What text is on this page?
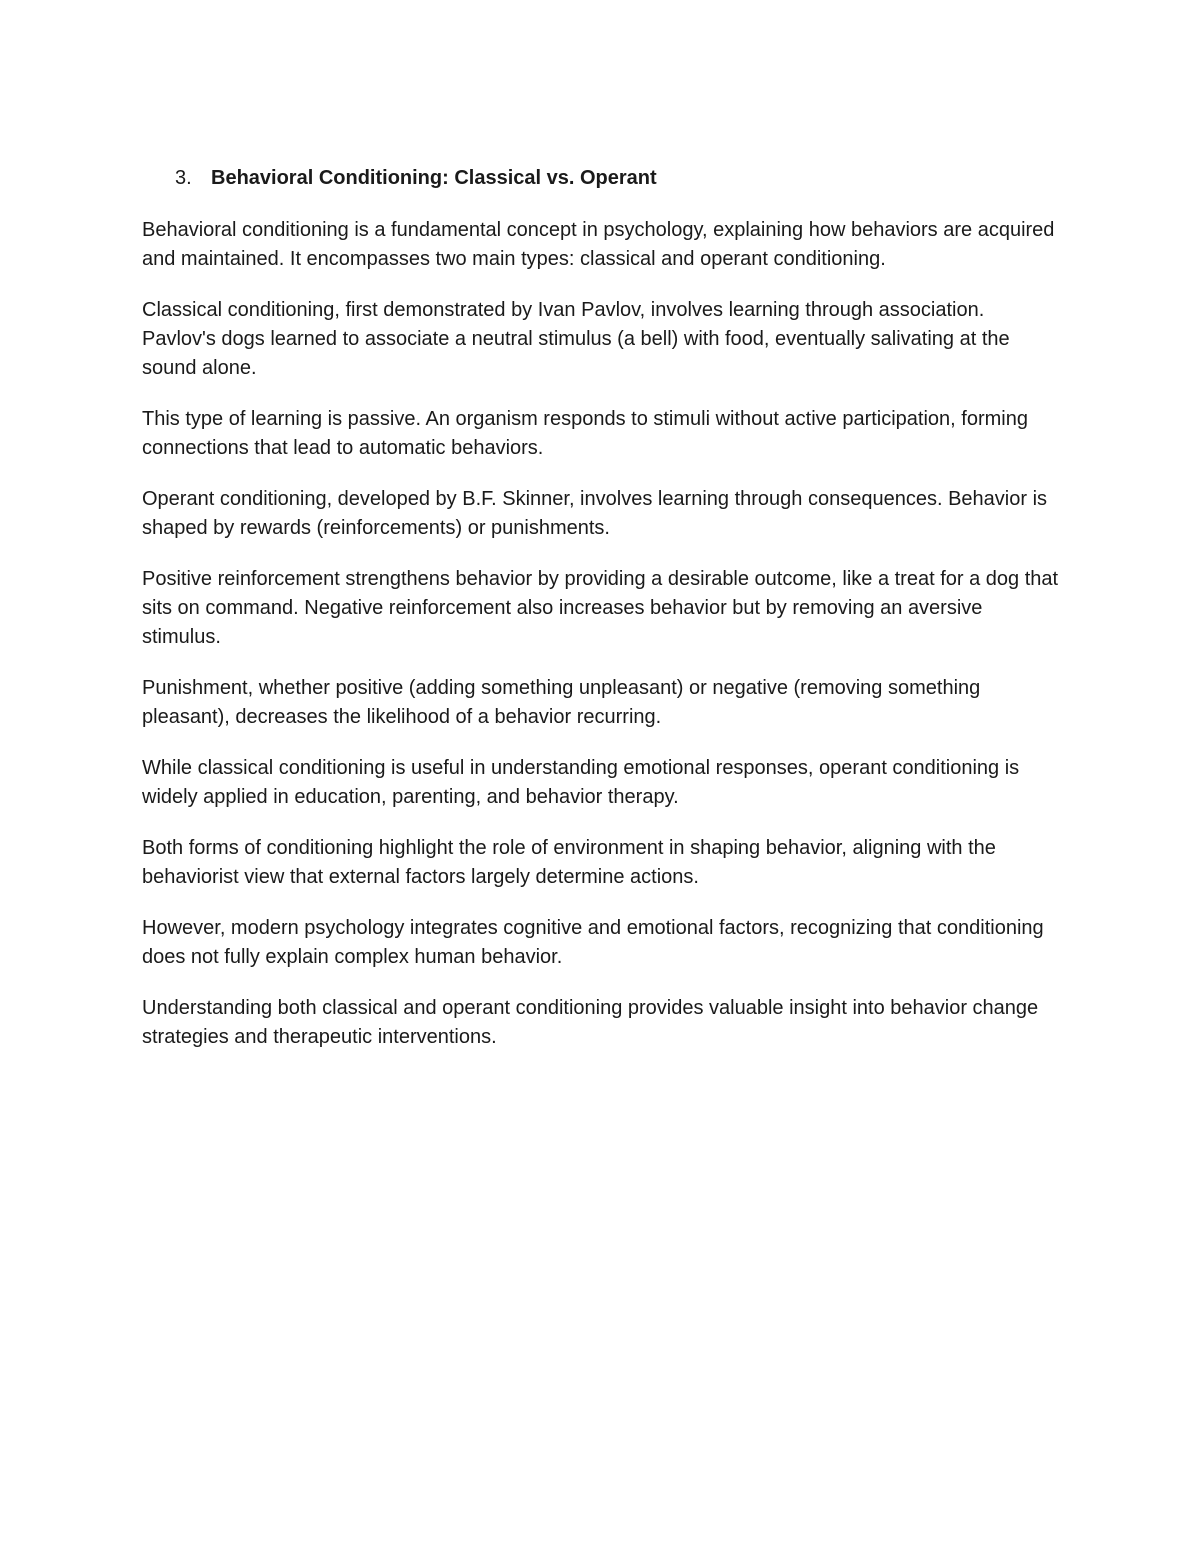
3. Behavioral Conditioning: Classical vs. Operant

Behavioral conditioning is a fundamental concept in psychology, explaining how behaviors are acquired and maintained. It encompasses two main types: classical and operant conditioning.

Classical conditioning, first demonstrated by Ivan Pavlov, involves learning through association. Pavlov's dogs learned to associate a neutral stimulus (a bell) with food, eventually salivating at the sound alone.

This type of learning is passive. An organism responds to stimuli without active participation, forming connections that lead to automatic behaviors.

Operant conditioning, developed by B.F. Skinner, involves learning through consequences. Behavior is shaped by rewards (reinforcements) or punishments.

Positive reinforcement strengthens behavior by providing a desirable outcome, like a treat for a dog that sits on command. Negative reinforcement also increases behavior but by removing an aversive stimulus.

Punishment, whether positive (adding something unpleasant) or negative (removing something pleasant), decreases the likelihood of a behavior recurring.

While classical conditioning is useful in understanding emotional responses, operant conditioning is widely applied in education, parenting, and behavior therapy.

Both forms of conditioning highlight the role of environment in shaping behavior, aligning with the behaviorist view that external factors largely determine actions.

However, modern psychology integrates cognitive and emotional factors, recognizing that conditioning does not fully explain complex human behavior.

Understanding both classical and operant conditioning provides valuable insight into behavior change strategies and therapeutic interventions.
